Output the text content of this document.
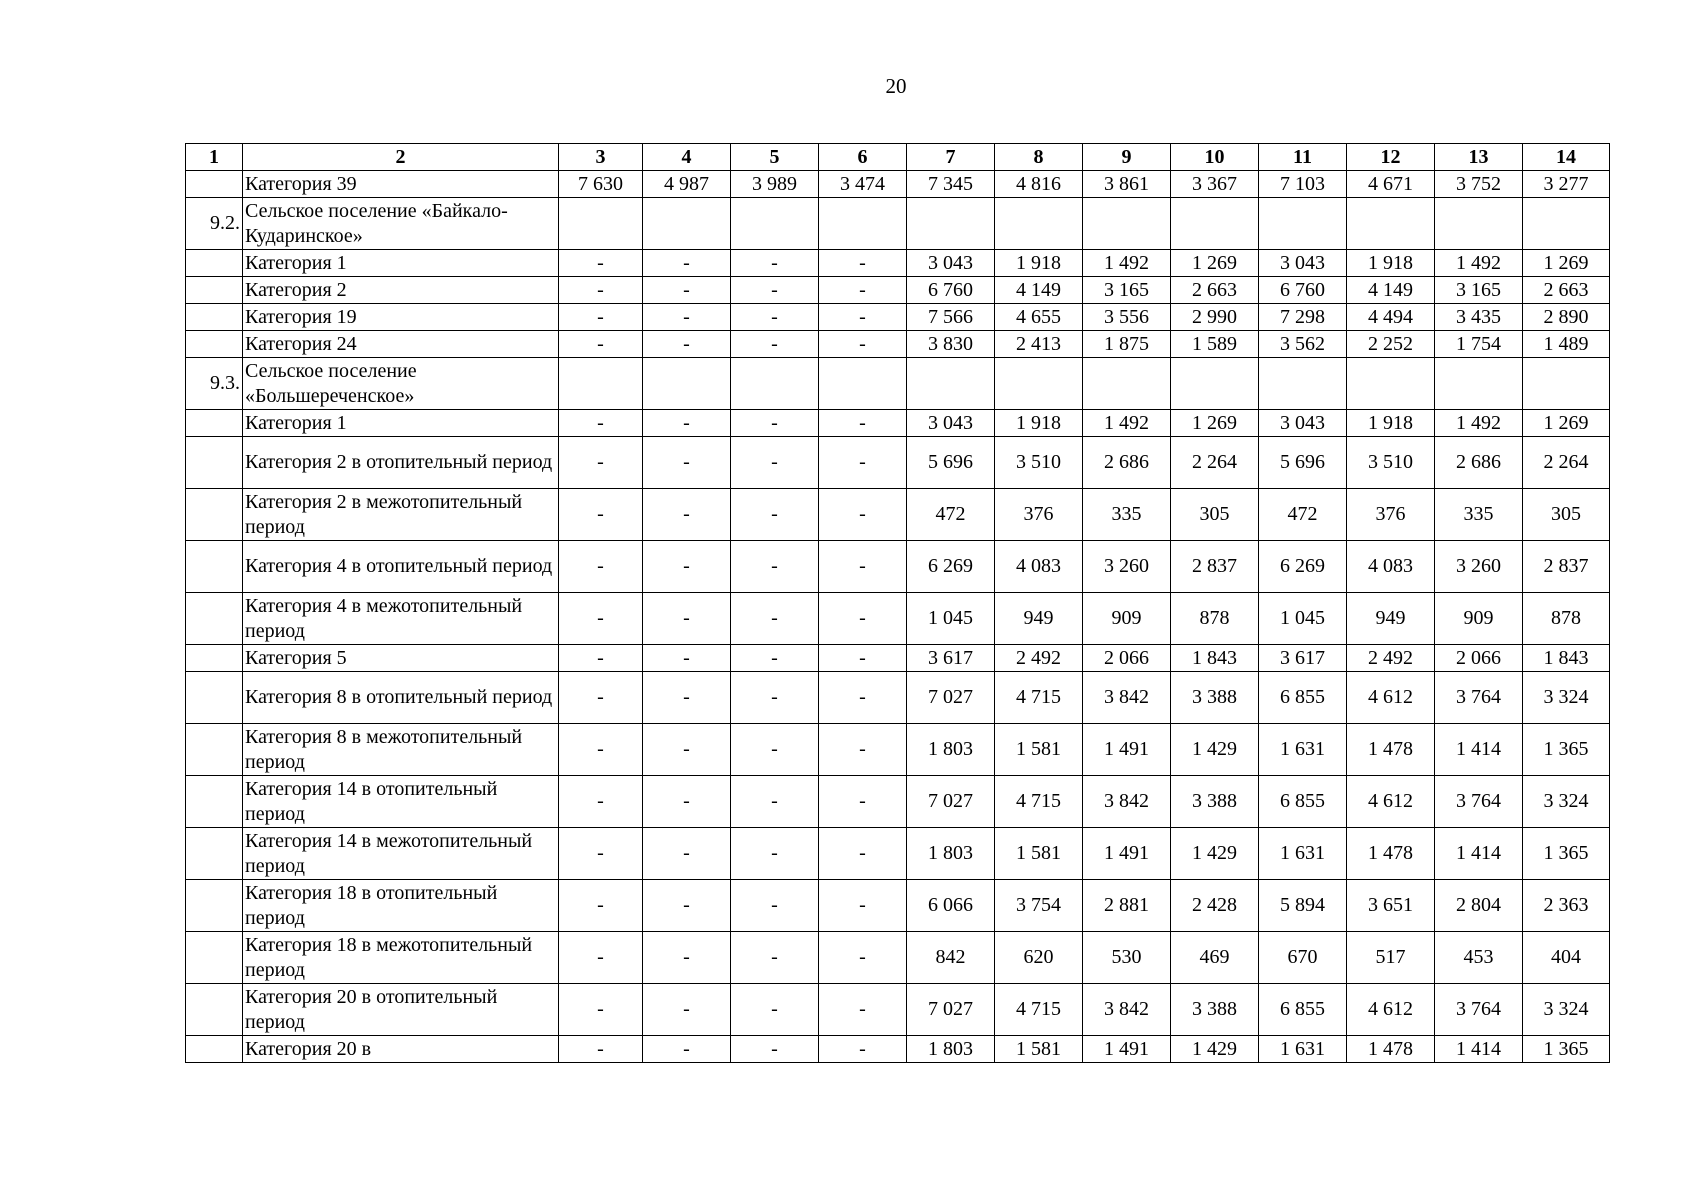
20
1	2	3	4	5	6	7	8	9	10	11	12	13	14
	Категория 39	7 630	4 987	3 989	3 474	7 345	4 816	3 861	3 367	7 103	4 671	3 752	3 277
9.2.	Сельское поселение «Байкало-Кударинское»												
	Категория 1	-	-	-	-	3 043	1 918	1 492	1 269	3 043	1 918	1 492	1 269
	Категория 2	-	-	-	-	6 760	4 149	3 165	2 663	6 760	4 149	3 165	2 663
	Категория 19	-	-	-	-	7 566	4 655	3 556	2 990	7 298	4 494	3 435	2 890
	Категория 24	-	-	-	-	3 830	2 413	1 875	1 589	3 562	2 252	1 754	1 489
9.3.	Сельское поселение «Большереченское»												
	Категория 1	-	-	-	-	3 043	1 918	1 492	1 269	3 043	1 918	1 492	1 269
	Категория 2 в отопительный период	-	-	-	-	5 696	3 510	2 686	2 264	5 696	3 510	2 686	2 264
	Категория 2 в межотопительный период	-	-	-	-	472	376	335	305	472	376	335	305
	Категория 4 в отопительный период	-	-	-	-	6 269	4 083	3 260	2 837	6 269	4 083	3 260	2 837
	Категория 4 в межотопительный период	-	-	-	-	1 045	949	909	878	1 045	949	909	878
	Категория 5	-	-	-	-	3 617	2 492	2 066	1 843	3 617	2 492	2 066	1 843
	Категория 8 в отопительный период	-	-	-	-	7 027	4 715	3 842	3 388	6 855	4 612	3 764	3 324
	Категория 8 в межотопительный период	-	-	-	-	1 803	1 581	1 491	1 429	1 631	1 478	1 414	1 365
	Категория 14 в отопительный период	-	-	-	-	7 027	4 715	3 842	3 388	6 855	4 612	3 764	3 324
	Категория 14 в межотопительный период	-	-	-	-	1 803	1 581	1 491	1 429	1 631	1 478	1 414	1 365
	Категория 18 в отопительный период	-	-	-	-	6 066	3 754	2 881	2 428	5 894	3 651	2 804	2 363
	Категория 18 в межотопительный период	-	-	-	-	842	620	530	469	670	517	453	404
	Категория 20 в отопительный период	-	-	-	-	7 027	4 715	3 842	3 388	6 855	4 612	3 764	3 324
	Категория 20 в	-	-	-	-	1 803	1 581	1 491	1 429	1 631	1 478	1 414	1 365
